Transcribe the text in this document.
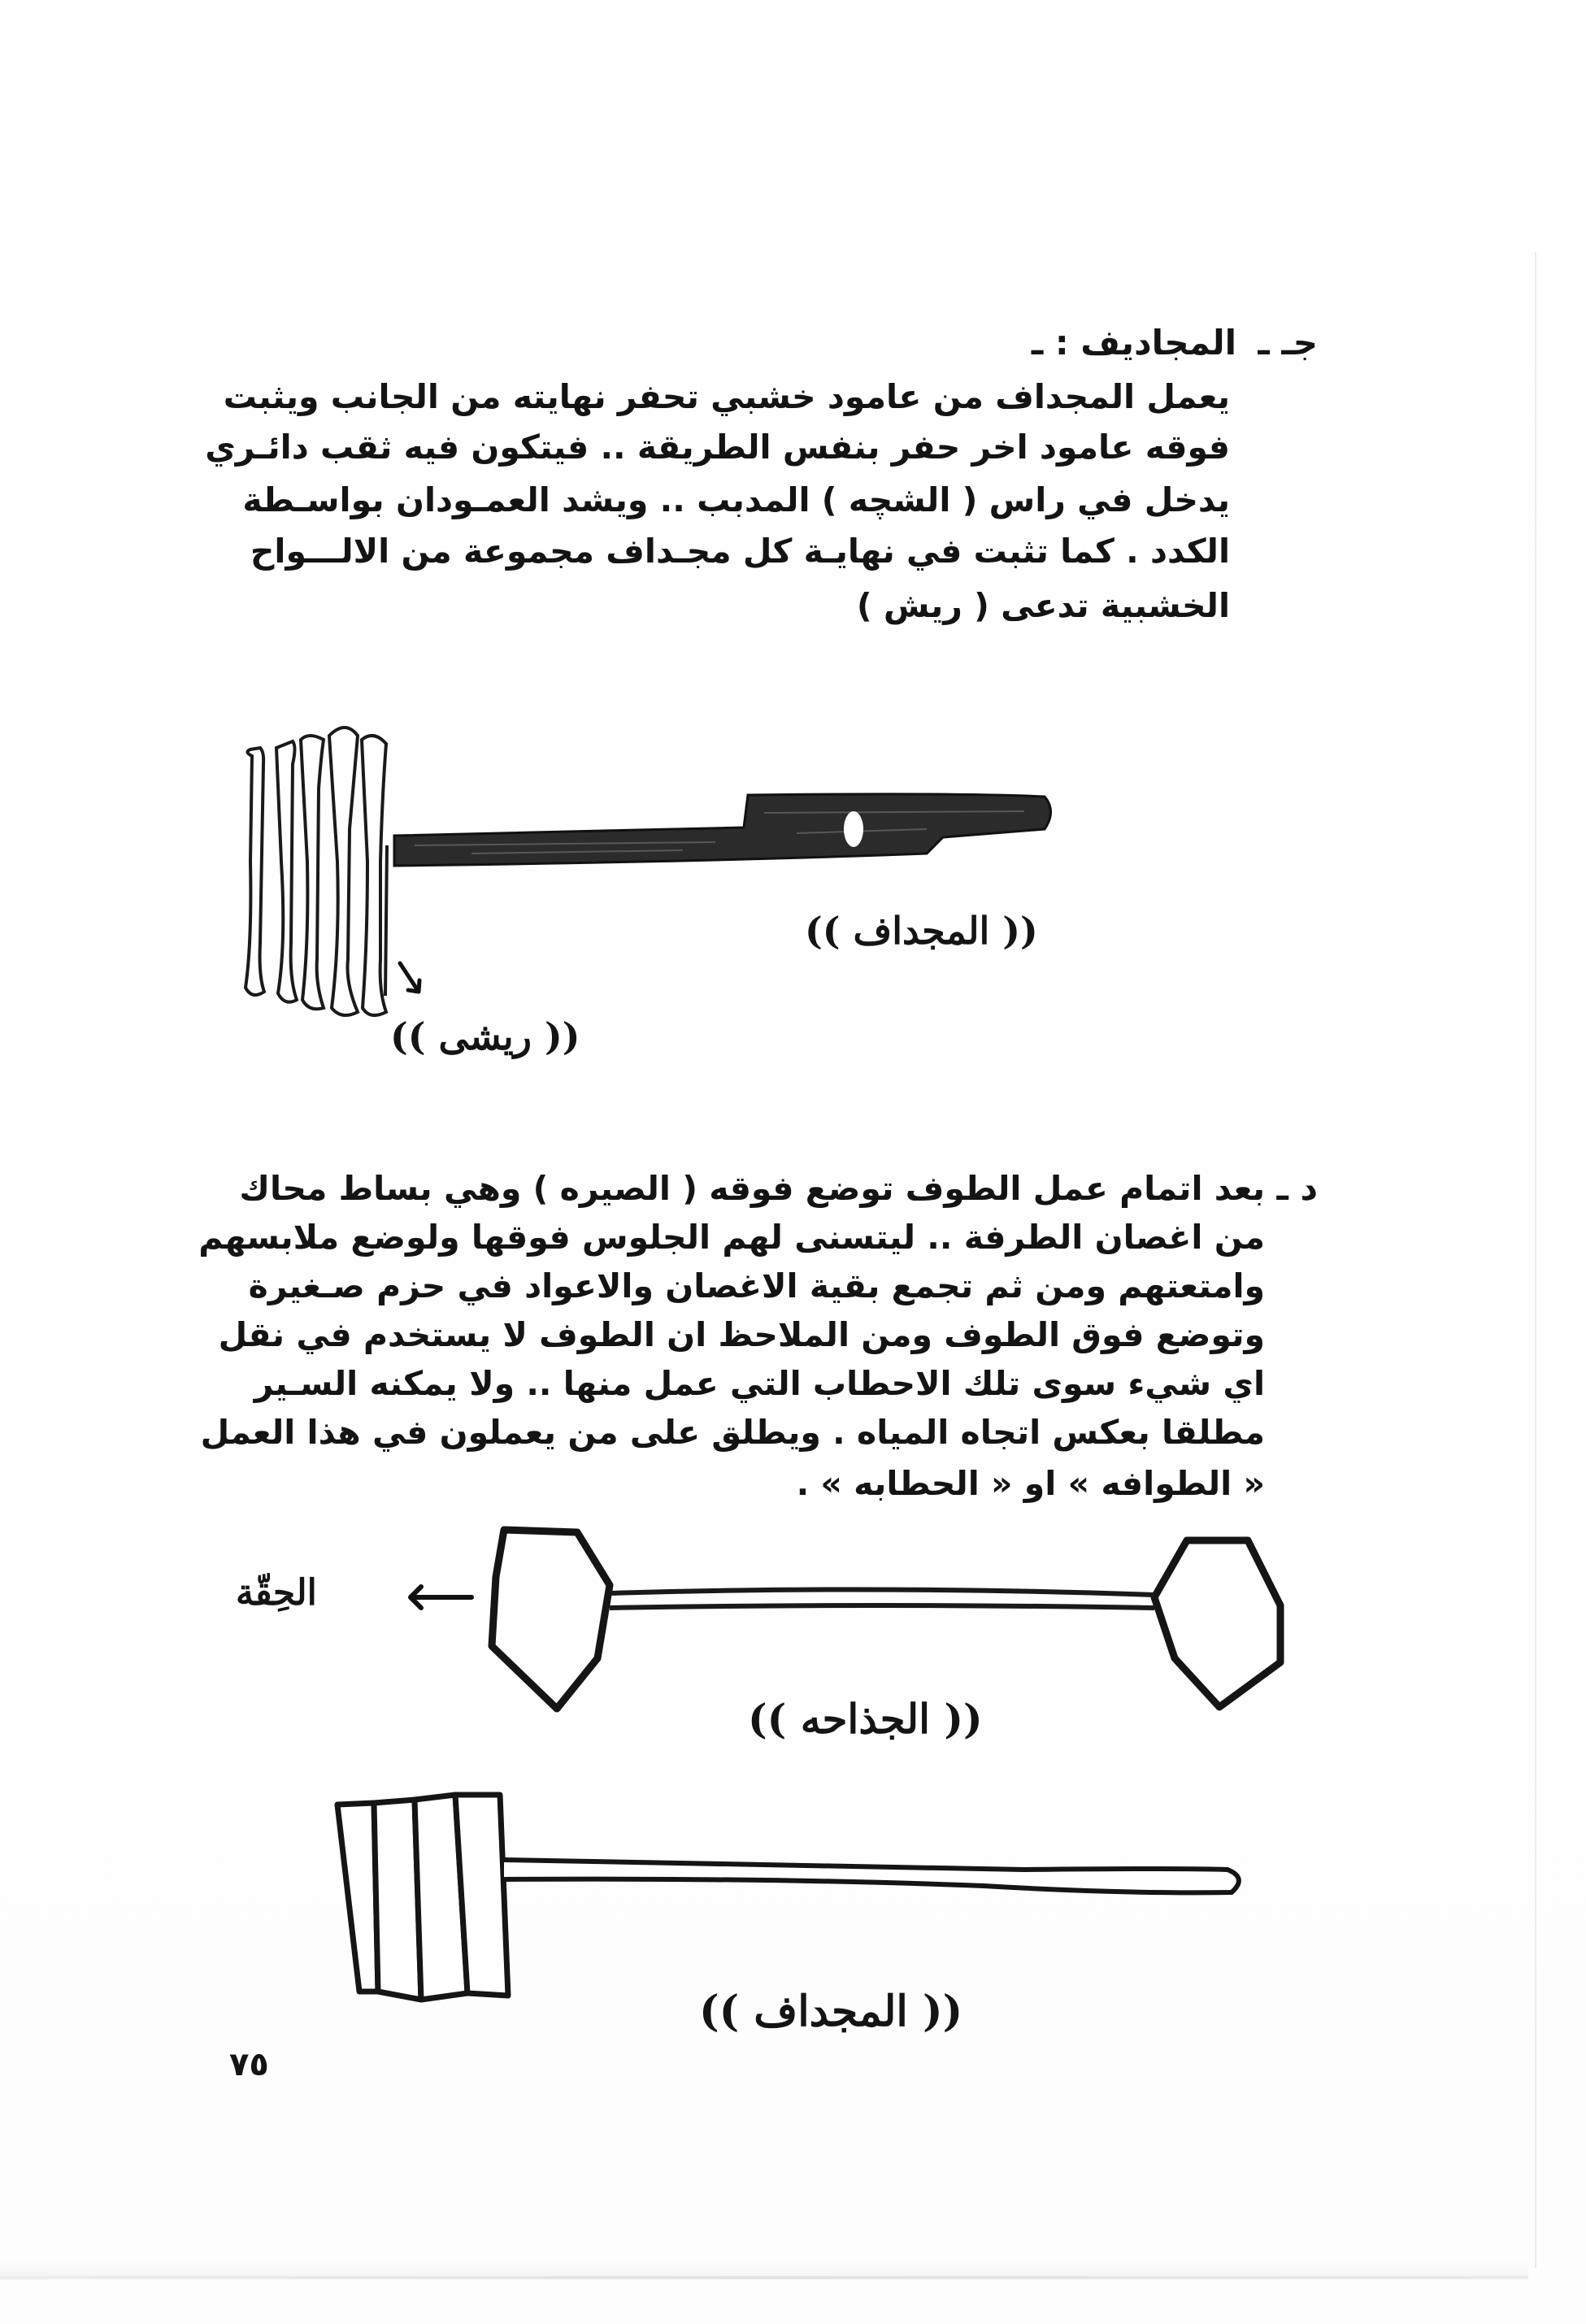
جـ ـ
المجاديف : ـ
يعمل المجداف من عامود خشبي تحفر نهايته من الجانب ويثبت
فوقه عامود اخر حفر بنفس الطريقة .. فيتكون فيه ثقب دائـري
يدخل في راس ( الشچه ) المدبب .. ويشد العمـودان بواسـطة
الكدد . كما تثبت في نهايـة كل مجـداف مجموعة من الالـــواح
الخشبية تدعى ( ريش )
(( المجداف ))
(( ريشى ))
د ـ
بعد اتمام عمل الطوف توضع فوقه ( الصيره ) وهي بساط محاك
من اغصان الطرفة .. ليتسنى لهم الجلوس فوقها ولوضع ملابسهم
وامتعتهم ومن ثم تجمع بقية الاغصان والاعواد في حزم صـغيرة
وتوضع فوق الطوف ومن الملاحظ ان الطوف لا يستخدم في نقل
اي شيء سوى تلك الاحطاب التي عمل منها .. ولا يمكنه السـير
مطلقا بعكس اتجاه المياه . ويطلق على من يعملون في هذا العمل
« الطوافه » او « الحطابه » .
الحِقّة
(( الجذاحه ))
(( المجداف ))
٧٥
